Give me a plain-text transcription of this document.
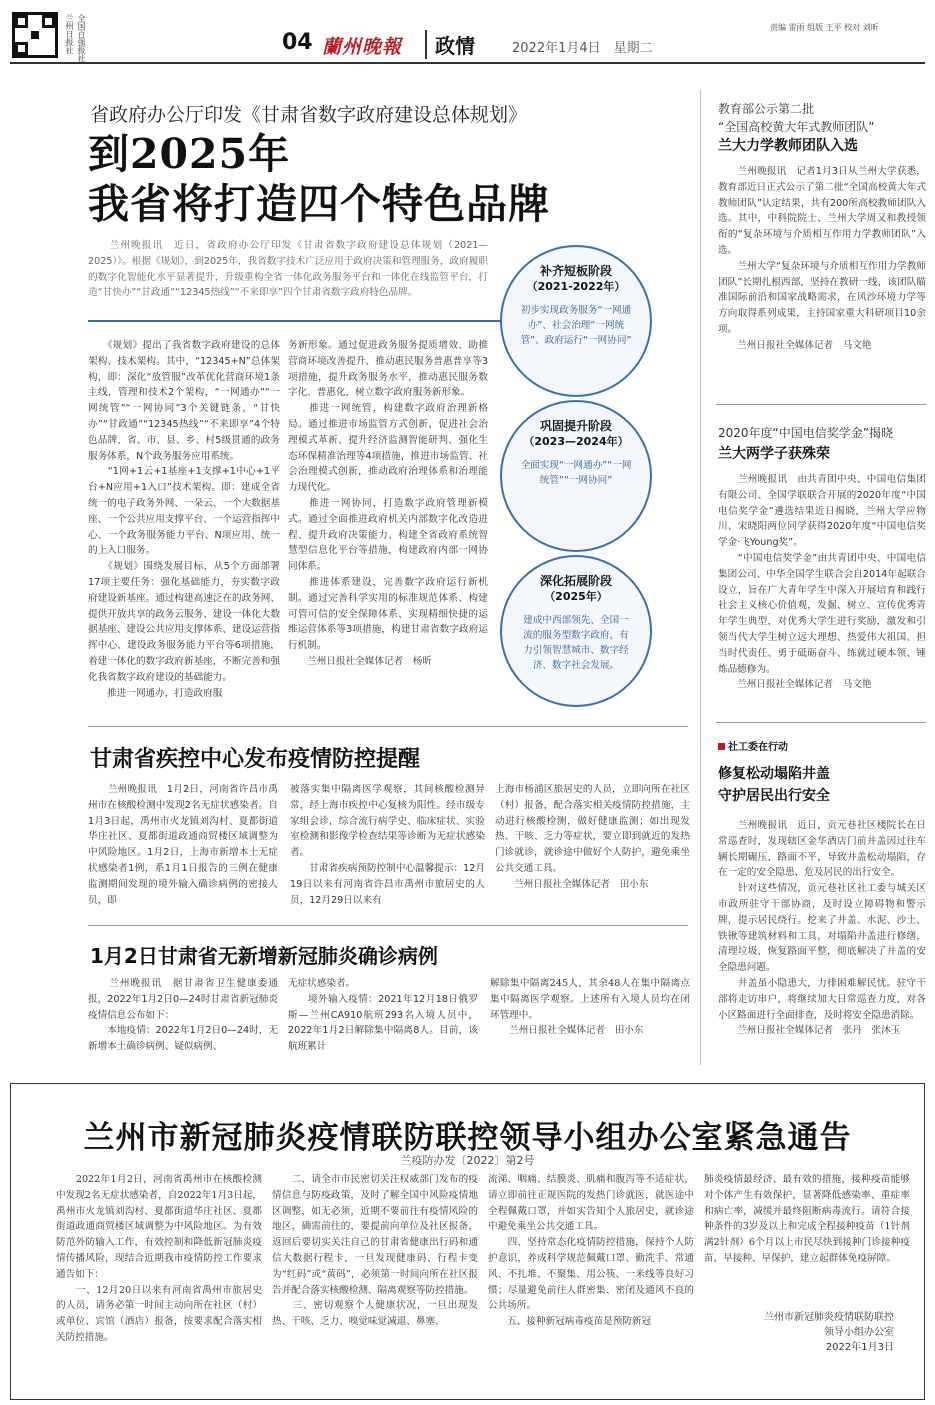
兰州日报社 全国百强报社	04 蘭州晚報	政情	2022年1月4日　星期二
责编 雷雨 组版 王平 校对 刘昕
省政府办公厅印发《甘肃省数字政府建设总体规划》
到2025年
我省将打造四个特色品牌
　　兰州晚报讯　近日，省政府办公厅印发《甘肃省数字政府建设总体规划（2021—2025）》。根据《规划》，到2025年，我省数字技术广泛应用于政府决策和管理服务，政府履职的数字化智能化水平显著提升，升级重构全省一体化政务服务平台和一体化在线监管平台，打造“甘快办”“甘政通”“12345热线”“不来即享”四个甘肃省数字政府特色品牌。
　　《规划》提出了我省数字政府建设的总体架构、技术架构。其中，“12345+N”总体架构，即：深化“放管服”改革优化营商环境1条主线，管理和技术2个架构，“一网通办”“一网统管”“一网协同”3个关键链条，“甘快办”“甘政通”“12345热线”“不来即享”4个特色品牌，省、市、县、乡、村5级贯通的政务服务体系，N个政务服务应用系统。
　　“1网+1云+1基座+1支撑+1中心+1平台+N应用+1入口”技术架构。即：建成全省统一的电子政务外网、一朵云、一个大数据基座、一个公共应用支撑平台、一个运营指挥中心、一个政务服务能力平台、N项应用、统一的上入口服务。
　　《规划》围绕发展目标，从5个方面部署17项主要任务：强化基础能力，夯实数字政府建设新基座。通过构建高速泛在的政务网、提供开放共享的政务云服务、建设一体化大数据基座、建设公共应用支撑体系、建设运营指挥中心、建设政务服务能力平台等6项措施，着建一体化的数字政府新基座，不断完善和强化我省数字政府建设的基础能力。
　　推进一网通办，打造政府服
务新形象。通过促进政务服务提质增效、助推营商环境改善提升、推动惠民服务普惠普享等3项措施，提升政务服务水平，推动惠民服务数字化、普惠化，树立数字政府服务新形象。
　　推进一网统管，构建数字政府治理新格局。通过推进市场监管方式创新、促进社会治理模式革新、提升经济监测智能研判、强化生态环保精准治理等4项措施，推进市场监管、社会治理模式创新，推动政府治理体系和治理能力现代化。
　　推进一网协同，打造数字政府管理新模式。通过全面推进政府机关内部数字化改造进程、提升政府决策能力、构建全省政府系统智慧型信息化平台等措施，构建政府内部一网协同体系。
　　推进体系建设，完善数字政府运行新机制。通过完善科学实用的标准规范体系、构建可管可信的安全保障体系、实现精细快捷的运维运营体系等3项措施，构建甘肃省数字政府运行机制。
　　兰州日报社全媒体记者　杨昕
补齐短板阶段
（2021-2022年）
初步实现政务服务“一网通办”、社会治理“一网统管”、政府运行“一网协同”
巩固提升阶段
（2023—2024年）
全面实现“一网通办”“一网统管”“一网协同”
深化拓展阶段
（2025年）
建成中西部领先、全国一流的服务型数字政府，有力引领智慧城市、数字经济、数字社会发展。
教育部公示第二批
“全国高校黄大年式教师团队”
兰大力学教师团队入选
　　兰州晚报讯　记者1月3日从兰州大学获悉，教育部近日正式公示了第二批“全国高校黄大年式教师团队”认定结果，共有200所高校教师团队入选。其中，中科院院士、兰州大学周又和教授领衔的“复杂环境与介质相互作用力学教师团队”入选。
　　兰州大学“复杂环境与介质相互作用力学教师团队”长期扎根西部，坚持在教研一线，该团队瞄准国际前沿和国家战略需求，在风沙环境力学等方向取得系列成果，主持国家重大科研项目10余项。
　　兰州日报社全媒体记者　马文艳
2020年度“中国电信奖学金”揭晓
兰大两学子获殊荣
　　兰州晚报讯　由共青团中央、中国电信集团有限公司、全国学联联合开展的2020年度“中国电信奖学金”遴选结果近日揭晓，兰州大学应物川、宋晓阳两位同学获得2020年度“中国电信奖学金·飞Young奖”。
　　“中国电信奖学金”由共青团中央、中国电信集团公司、中华全国学生联合会自2014年起联合设立，旨在广大青年学生中深入开展培育和践行社会主义核心价值观，发掘、树立、宣传优秀青年学生典型，对优秀大学生进行奖励，激发和引领当代大学生树立远大理想、热爱伟大祖国、担当时代责任、勇于砥砺奋斗、练就过硬本领、锤炼品德修为。
　　兰州日报社全媒体记者　马文艳
社工委在行动
修复松动塌陷井盖
守护居民出行安全
　　兰州晚报讯　近日，贡元巷社区楼院长在日常巡查时，发现辖区金华酒店门前井盖因过往车辆长期碾压，路面不平，导致井盖松动塌陷，存在一定的安全隐患，危及居民的出行安全。
　　针对这些情况，贡元巷社区社工委与城关区市政所驻守干部协商，及时设立障碍物和警示牌，提示居民绕行。挖来了井盖、水泥、沙土、铁锹等建筑材料和工具，对塌陷井盖进行修缮，清理垃圾，恢复路面平整，彻底解决了井盖的安全隐患问题。
　　井盖虽小隐患大，力排困难解民忧。驻守干部将走访串户，将继续加大日常巡查力度，对各小区路面进行全面排查，及时将安全隐患消除。
　　兰州日报社全媒体记者　张丹　张沐玉
甘肃省疾控中心发布疫情防控提醒
　　兰州晚报讯　1月2日，河南省许昌市禹州市在核酸检测中发现2名无症状感染者。自1月3日起，禹州市火龙镇刘沟村、夏都街道华庄社区、夏都街道政通商贸楼区域调整为中风险地区。1月2日，上海市新增本土无症状感染者1例，系1月1日报告的三例在健康监测期间发现的境外输入确诊病例的密接人员，即
被落实集中隔离医学观察，其间核酸检测异常，经上海市疾控中心复核为阳性。经市级专家组会诊，综合流行病学史、临床症状、实验室检测和影像学检查结果等诊断为无症状感染者。
　　甘肃省疾病预防控制中心温馨提示：12月19日以来有河南省许昌市禹州市旅居史的人员，12月29日以来有
上海市杨浦区旅居史的人员，立即向所在社区（村）报备，配合落实相关疫情防控措施，主动进行核酸检测，做好健康监测；如出现发热、干咳、乏力等症状，要立即到就近的发热门诊就诊，就诊途中做好个人防护，避免乘坐公共交通工具。
　　兰州日报社全媒体记者　田小东
1月2日甘肃省无新增新冠肺炎确诊病例
　　兰州晚报讯　据甘肃省卫生健康委通报，2022年1月2日0—24时甘肃省新冠肺炎疫情信息公布如下：
　　本地疫情：2022年1月2日0—24时，无新增本土确诊病例、疑似病例、
无症状感染者。
　　境外输入疫情：2021年12月18日俄罗斯—兰州CA910航班293名入境人员中，2022年1月2日解除集中隔离8人。目前，该航班累计
解除集中隔离245人，其余48人在集中隔离点集中隔离医学观察。上述所有入境人员均在闭环管理中。
　　兰州日报社全媒体记者　田小东
兰州市新冠肺炎疫情联防联控领导小组办公室紧急通告
兰疫防办发〔2022〕第2号
　　2022年1月2日，河南省禹州市在核酸检测中发现2名无症状感染者，自2022年1月3日起，禹州市火龙镇刘沟村、夏都街道华庄社区、夏都街道政通商贸楼区域调整为中风险地区。为有效防范外防输入工作，有效控制和降低新冠肺炎疫情传播风险，现结合近期我市疫情防控工作要求通告如下：
　　一、12月20日以来有河南省禹州市旅居史的人员，请务必第一时间主动向所在社区（村）或单位、宾馆（酒店）报备，按要求配合落实相关防控措施。
　　二、请全市市民密切关注权威部门发布的疫情信息与防疫政策，及时了解全国中风险疫情地区调整，如无必须，近期不要前往有疫情风险的地区，确需前往的，要提前向单位及社区报备，返回后要切实关注自己的甘肃省健康出行码和通信大数据行程卡，一旦发现健康码、行程卡变为“红码”或“黄码”，必须第一时间向所在社区报告并配合落实核酸检测、隔离观察等防控措施。
　　三、密切观察个人健康状况，一旦出现发热、干咳、乏力、嗅觉味觉减退、鼻塞、
流涕、咽痛、结膜炎、肌痛和腹泻等不适症状，请立即前往正规医院的发热门诊就医，就医途中全程佩戴口罩，并如实告知个人旅居史，就诊途中避免乘坐公共交通工具。
　　四、坚持常态化疫情防控措施，保持个人防护意识，养成科学规范佩戴口罩、勤洗手、常通风、不扎堆、不聚集、用公筷、一米线等良好习惯；尽量避免前往人群密集、密闭及通风不良的公共场所。
　　五、接种新冠病毒疫苗是预防新冠
肺炎疫情最经济、最有效的措施，接种疫苗能够对个体产生有效保护，显著降低感染率、重症率和病亡率，减缓并最终阻断病毒流行。请符合接种条件的3岁及以上和完成全程接种疫苗（1针剂满2针剂）6个月以上市民尽快到接种门诊接种疫苗，早接种、早保护，建立起群体免疫屏障。
兰州市新冠肺炎疫情联防联控
领导小组办公室
2022年1月3日
